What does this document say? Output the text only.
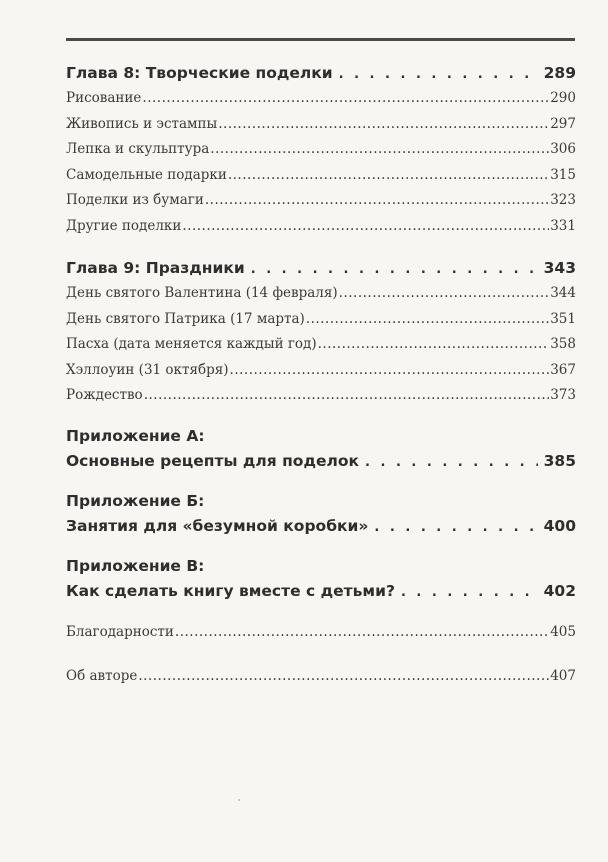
Глава 8: Творческие поделки . . .	289
Рисование .....	290
Живопись и эстампы .....	297
Лепка и скульптура .....	306
Самодельные подарки .....	315
Поделки из бумаги .....	323
Другие поделки .....	331
Глава 9: Праздники . . .	343
День святого Валентина (14 февраля) .....	344
День святого Патрика (17 марта) .....	351
Пасха (дата меняется каждый год) .....	358
Хэллоуин (31 октября) .....	367
Рождество .....	373
Приложение А:
Основные рецепты для поделок . . .	385
Приложение Б:
Занятия для «безумной коробки» . . .	400
Приложение В:
Как сделать книгу вместе с детьми? . . .	402
Благодарности .....	405
Об авторе .....	407
